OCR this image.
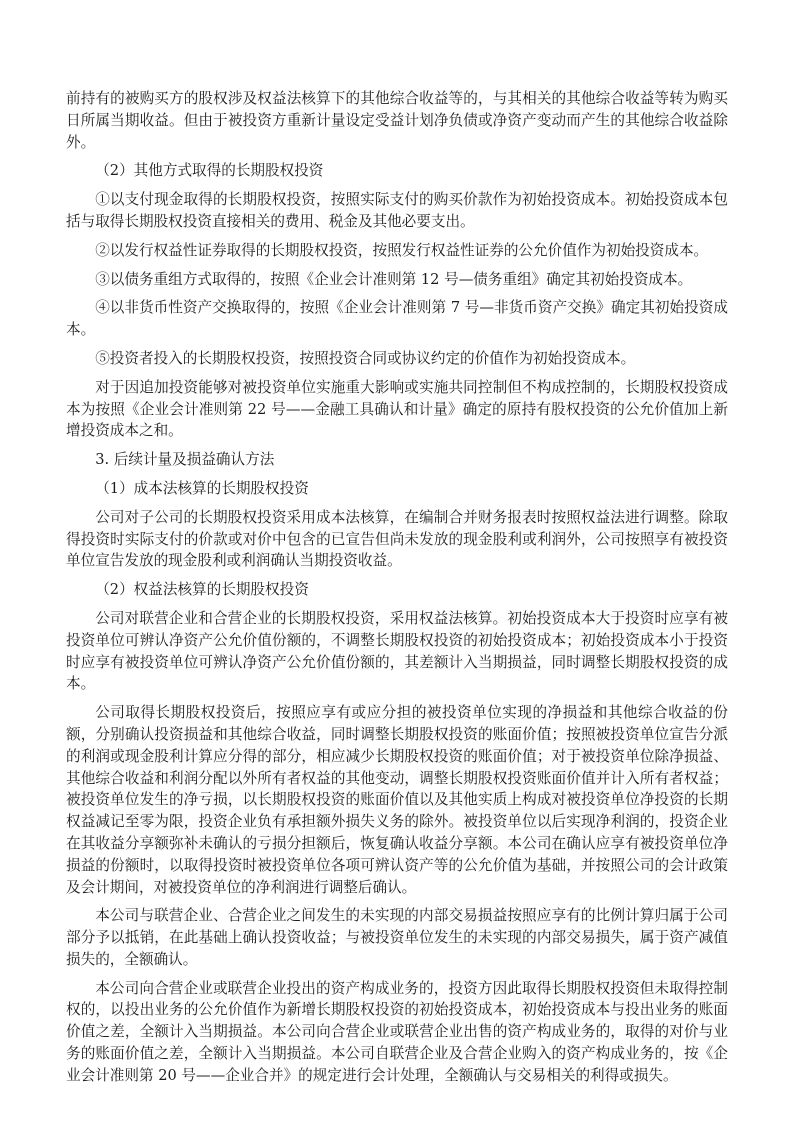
前持有的被购买方的股权涉及权益法核算下的其他综合收益等的，与其相关的其他综合收益等转为购买日所属当期收益。但由于被投资方重新计量设定受益计划净负债或净资产变动而产生的其他综合收益除外。

（2）其他方式取得的长期股权投资

①以支付现金取得的长期股权投资，按照实际支付的购买价款作为初始投资成本。初始投资成本包括与取得长期股权投资直接相关的费用、税金及其他必要支出。

②以发行权益性证券取得的长期股权投资，按照发行权益性证券的公允价值作为初始投资成本。

③以债务重组方式取得的，按照《企业会计准则第 12 号—债务重组》确定其初始投资成本。

④以非货币性资产交换取得的，按照《企业会计准则第 7 号—非货币资产交换》确定其初始投资成本。

⑤投资者投入的长期股权投资，按照投资合同或协议约定的价值作为初始投资成本。

对于因追加投资能够对被投资单位实施重大影响或实施共同控制但不构成控制的，长期股权投资成本为按照《企业会计准则第 22 号——金融工具确认和计量》确定的原持有股权投资的公允价值加上新增投资成本之和。

3. 后续计量及损益确认方法

（1）成本法核算的长期股权投资

公司对子公司的长期股权投资采用成本法核算，在编制合并财务报表时按照权益法进行调整。除取得投资时实际支付的价款或对价中包含的已宣告但尚未发放的现金股利或利润外，公司按照享有被投资单位宣告发放的现金股利或利润确认当期投资收益。

（2）权益法核算的长期股权投资

公司对联营企业和合营企业的长期股权投资，采用权益法核算。初始投资成本大于投资时应享有被投资单位可辨认净资产公允价值份额的，不调整长期股权投资的初始投资成本；初始投资成本小于投资时应享有被投资单位可辨认净资产公允价值份额的，其差额计入当期损益，同时调整长期股权投资的成本。

公司取得长期股权投资后，按照应享有或应分担的被投资单位实现的净损益和其他综合收益的份额，分别确认投资损益和其他综合收益，同时调整长期股权投资的账面价值；按照被投资单位宣告分派的利润或现金股利计算应分得的部分，相应减少长期股权投资的账面价值；对于被投资单位除净损益、其他综合收益和利润分配以外所有者权益的其他变动，调整长期股权投资账面价值并计入所有者权益；被投资单位发生的净亏损，以长期股权投资的账面价值以及其他实质上构成对被投资单位净投资的长期权益减记至零为限，投资企业负有承担额外损失义务的除外。被投资单位以后实现净利润的，投资企业在其收益分享额弥补未确认的亏损分担额后，恢复确认收益分享额。本公司在确认应享有被投资单位净损益的份额时，以取得投资时被投资单位各项可辨认资产等的公允价值为基础，并按照公司的会计政策及会计期间，对被投资单位的净利润进行调整后确认。

本公司与联营企业、合营企业之间发生的未实现的内部交易损益按照应享有的比例计算归属于公司部分予以抵销，在此基础上确认投资收益；与被投资单位发生的未实现的内部交易损失，属于资产减值损失的，全额确认。

本公司向合营企业或联营企业投出的资产构成业务的，投资方因此取得长期股权投资但未取得控制权的，以投出业务的公允价值作为新增长期股权投资的初始投资成本，初始投资成本与投出业务的账面价值之差，全额计入当期损益。本公司向合营企业或联营企业出售的资产构成业务的，取得的对价与业务的账面价值之差，全额计入当期损益。本公司自联营企业及合营企业购入的资产构成业务的，按《企业会计准则第 20 号——企业合并》的规定进行会计处理，全额确认与交易相关的利得或损失。
